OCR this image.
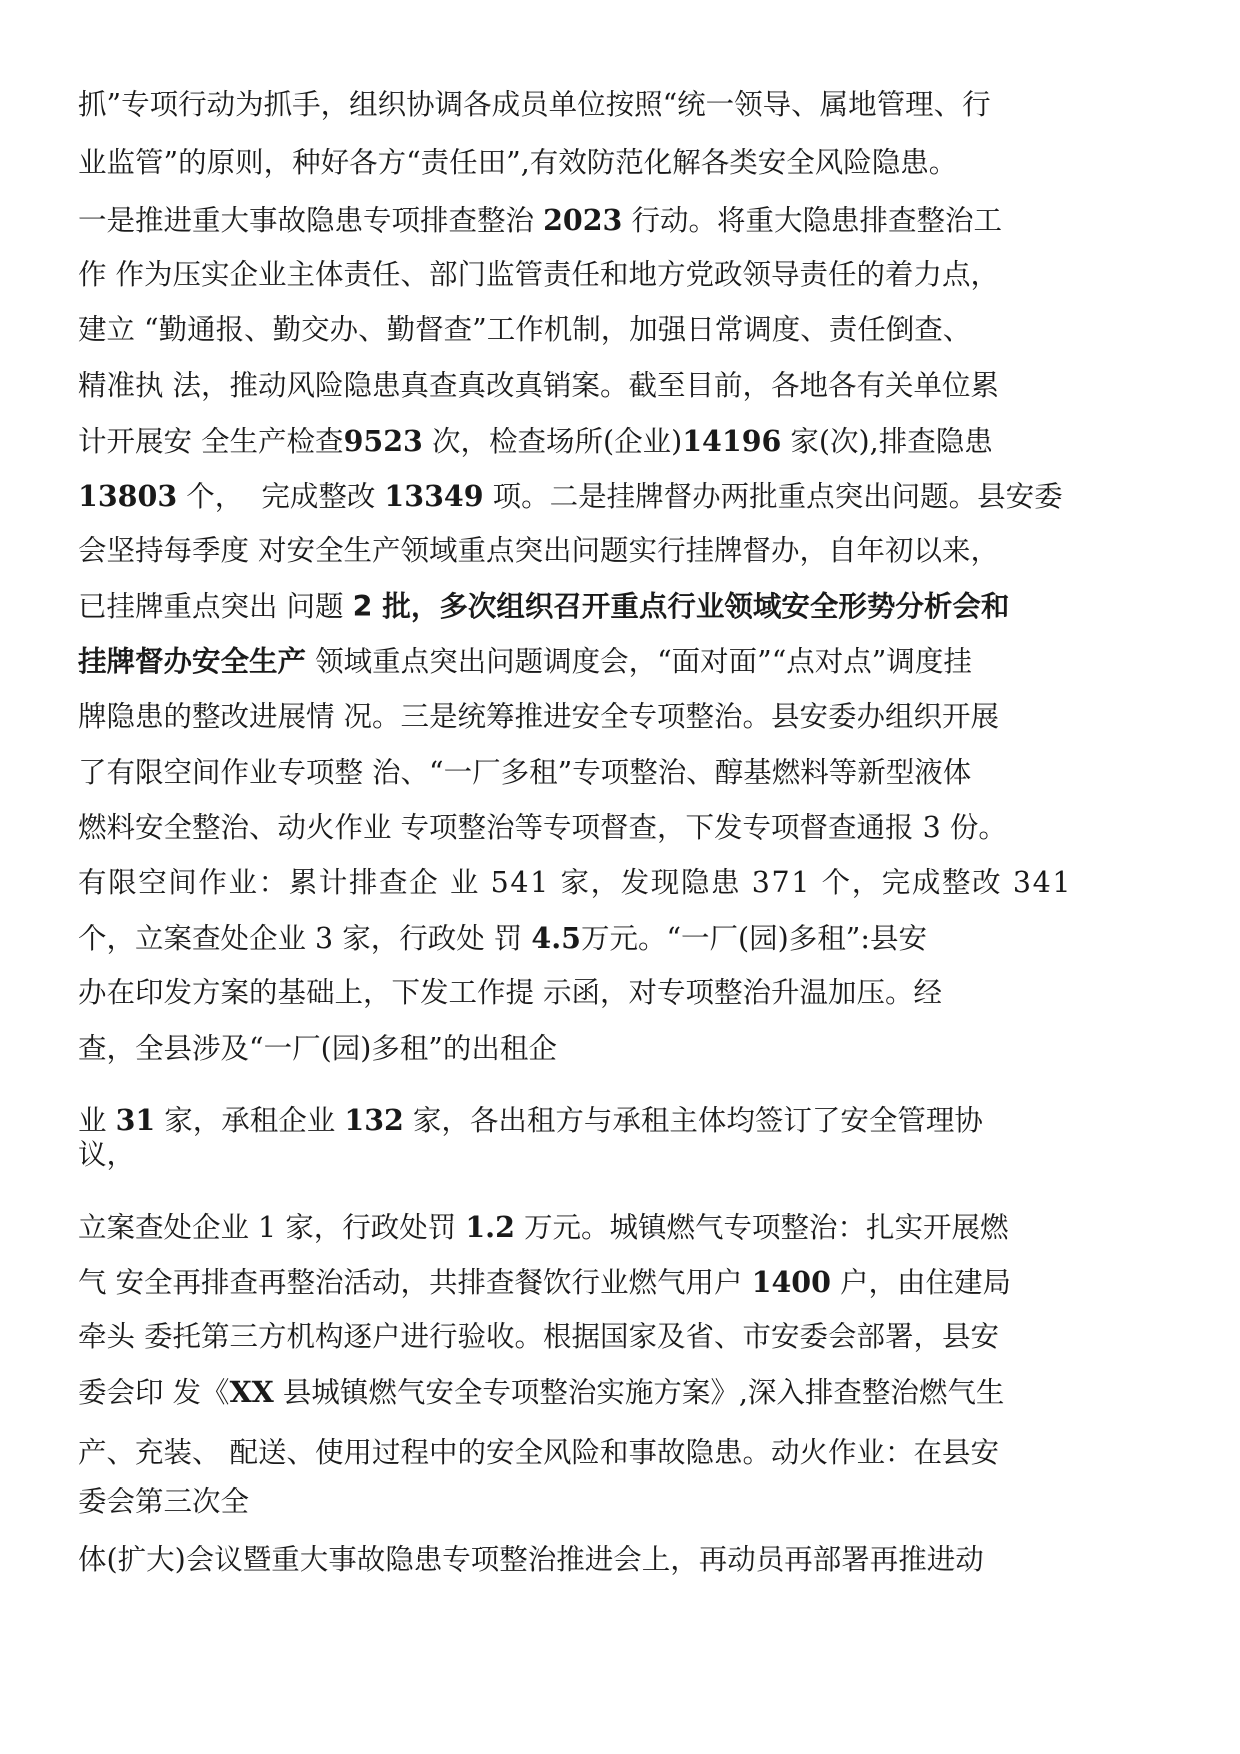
抓”专项行动为抓手，组织协调各成员单位按照“统一领导、属地管理、行
业监管”的原则，种好各方“责任田”,有效防范化解各类安全风险隐患。
一是推进重大事故隐患专项排查整治 2023 行动。将重大隐患排查整治工
作 作为压实企业主体责任、部门监管责任和地方党政领导责任的着力点，
建立 “勤通报、勤交办、勤督查”工作机制，加强日常调度、责任倒查、
精准执 法，推动风险隐患真查真改真销案。截至目前，各地各有关单位累
计开展安 全生产检查9523 次，检查场所(企业)14196 家(次),排查隐患
13803 个，  完成整改 13349 项。二是挂牌督办两批重点突出问题。县安委
会坚持每季度 对安全生产领域重点突出问题实行挂牌督办，自年初以来，
已挂牌重点突出 问题 2 批，多次组织召开重点行业领域安全形势分析会和
挂牌督办安全生产 领域重点突出问题调度会，“面对面”“点对点”调度挂
牌隐患的整改进展情 况。三是统筹推进安全专项整治。县安委办组织开展
了有限空间作业专项整 治、“一厂多租”专项整治、醇基燃料等新型液体
燃料安全整治、动火作业 专项整治等专项督查，下发专项督查通报 3 份。
有限空间作业：累计排查企 业 541 家，发现隐患 371 个，完成整改 341
个，立案查处企业 3 家，行政处 罚 4.5万元。“一厂(园)多租”:县安
办在印发方案的基础上，下发工作提 示函，对专项整治升温加压。经
查，全县涉及“一厂(园)多租”的出租企
业 31 家，承租企业 132 家，各出租方与承租主体均签订了安全管理协
议，
立案查处企业 1 家，行政处罚 1.2 万元。城镇燃气专项整治：扎实开展燃
气 安全再排查再整治活动，共排查餐饮行业燃气用户 1400 户，由住建局
牵头 委托第三方机构逐户进行验收。根据国家及省、市安委会部署，县安
委会印 发《XX 县城镇燃气安全专项整治实施方案》,深入排查整治燃气生
产、充装、 配送、使用过程中的安全风险和事故隐患。动火作业：在县安
委会第三次全
体(扩大)会议暨重大事故隐患专项整治推进会上，再动员再部署再推进动
